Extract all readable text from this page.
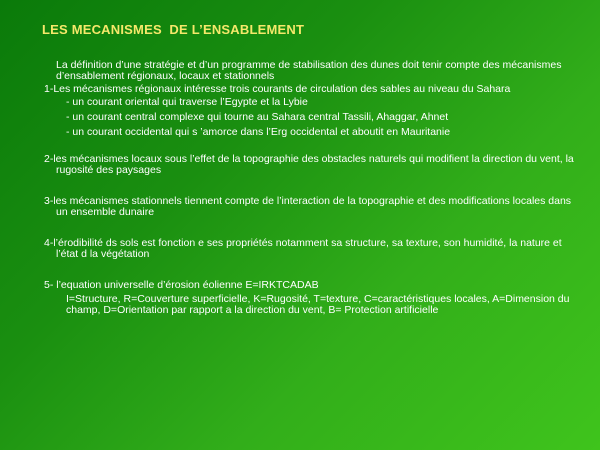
LES MECANISMES  DE L’ENSABLEMENT

La définition d’une stratégie et d’un programme de stabilisation des dunes doit tenir compte des mécanismes d’ensablement régionaux, locaux et stationnels

1-Les mécanismes régionaux intéresse trois courants de circulation des sables au niveau du Sahara

- un courant oriental qui traverse l’Egypte et la Lybie

- un courant central complexe qui tourne au Sahara central Tassili, Ahaggar, Ahnet

- un courant occidental qui s ’amorce dans l’Erg occidental et aboutit en Mauritanie

2-les mécanismes locaux sous l’effet de la topographie des obstacles naturels qui modifient la direction du vent, la rugosité des paysages

3-les mécanismes stationnels tiennent compte de l’interaction de la topographie et des modifications locales dans un ensemble dunaire

4-l’érodibilité ds sols est fonction e ses propriétés notamment sa structure, sa texture, son humidité, la nature et l’état d la végétation

5- l’equation universelle d’érosion éolienne E=IRKTCADAB

I=Structure, R=Couverture superficielle, K=Rugosité, T=texture, C=caractéristiques locales, A=Dimension du champ, D=Orientation par rapport a la direction du vent, B= Protection artificielle
